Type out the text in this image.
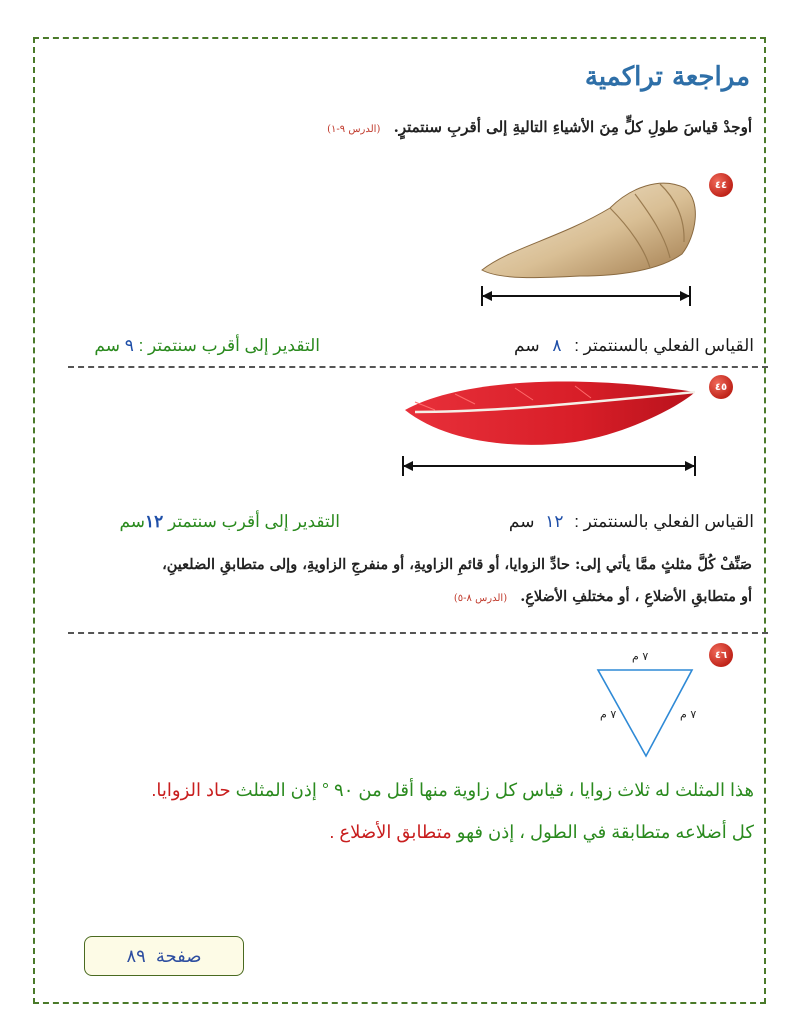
مراجعة تراكمية
أوجدْ قياسَ طولِ كلٍّ مِنَ الأشياءِ التاليةِ إلى أقربِ سنتمترٍ. (الدرس ٩-١)
٤٤
القياس الفعلي بالسنتمتر : ٨ سم
التقدير إلى أقرب سنتمتر : ٩ سم
٤٥
القياس الفعلي بالسنتمتر : ١٢ سم
التقدير إلى أقرب سنتمتر ١٢سم
صَنِّفْ كُلَّ مثلثٍ ممَّا يأتي إلى: حادِّ الزوايا، أو قائمِ الزاويةِ، أو منفرجِ الزاويةِ، وإلى متطابقِ الضلعينِ،
أو متطابقِ الأضلاعِ ، أو مختلفِ الأضلاعِ. (الدرس ٨-٥)
٤٦
٧ م
٧ م	٧ م
هذا المثلث له ثلاث زوايا ، قياس كل زاوية منها أقل من ٩٠ ° إذن المثلث حاد الزوايا.
كل أضلاعه متطابقة في الطول ، إذن فهو متطابق الأضلاع .
صفحة
٨٩
